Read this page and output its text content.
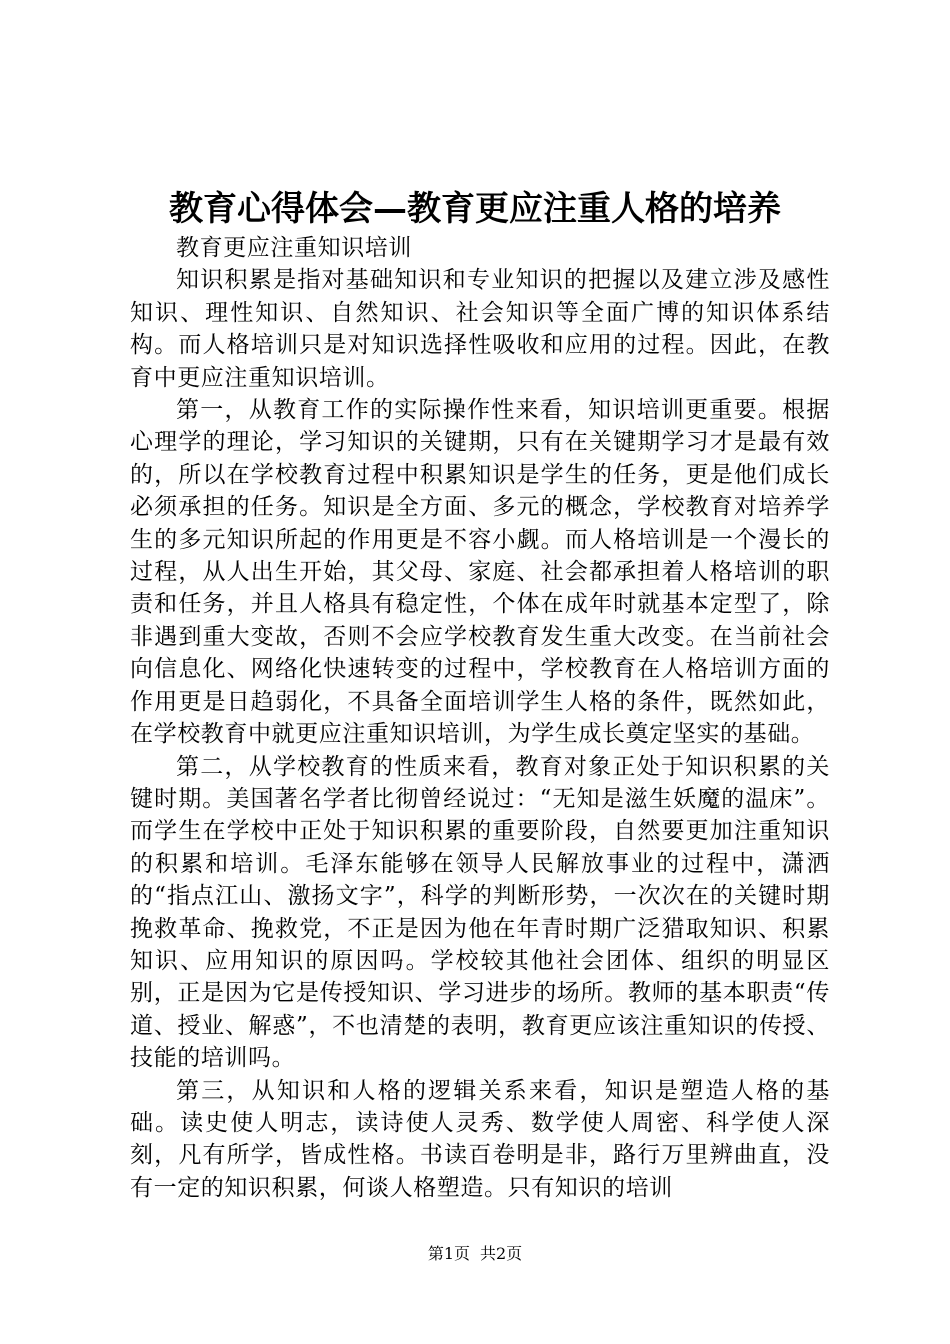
教育心得体会—教育更应注重人格的培养

教育更应注重知识培训

知识积累是指对基础知识和专业知识的把握以及建立涉及感性知识、理性知识、自然知识、社会知识等全面广博的知识体系结构。而人格培训只是对知识选择性吸收和应用的过程。因此，在教育中更应注重知识培训。

第一，从教育工作的实际操作性来看，知识培训更重要。根据心理学的理论，学习知识的关键期，只有在关键期学习才是最有效的，所以在学校教育过程中积累知识是学生的任务，更是他们成长必须承担的任务。知识是全方面、多元的概念，学校教育对培养学生的多元知识所起的作用更是不容小觑。而人格培训是一个漫长的过程，从人出生开始，其父母、家庭、社会都承担着人格培训的职责和任务，并且人格具有稳定性，个体在成年时就基本定型了，除非遇到重大变故，否则不会应学校教育发生重大改变。在当前社会向信息化、网络化快速转变的过程中，学校教育在人格培训方面的作用更是日趋弱化，不具备全面培训学生人格的条件，既然如此，在学校教育中就更应注重知识培训，为学生成长奠定坚实的基础。

第二，从学校教育的性质来看，教育对象正处于知识积累的关键时期。美国著名学者比彻曾经说过：“无知是滋生妖魔的温床”。而学生在学校中正处于知识积累的重要阶段，自然要更加注重知识的积累和培训。毛泽东能够在领导人民解放事业的过程中，潇洒的“指点江山、激扬文字”，科学的判断形势，一次次在的关键时期挽救革命、挽救党，不正是因为他在年青时期广泛猎取知识、积累知识、应用知识的原因吗。学校较其他社会团体、组织的明显区别，正是因为它是传授知识、学习进步的场所。教师的基本职责“传道、授业、解惑”，不也清楚的表明，教育更应该注重知识的传授、技能的培训吗。

第三，从知识和人格的逻辑关系来看，知识是塑造人格的基础。读史使人明志，读诗使人灵秀、数学使人周密、科学使人深刻，凡有所学，皆成性格。书读百卷明是非，路行万里辨曲直，没有一定的知识积累，何谈人格塑造。只有知识的培训

第1页 共2页
